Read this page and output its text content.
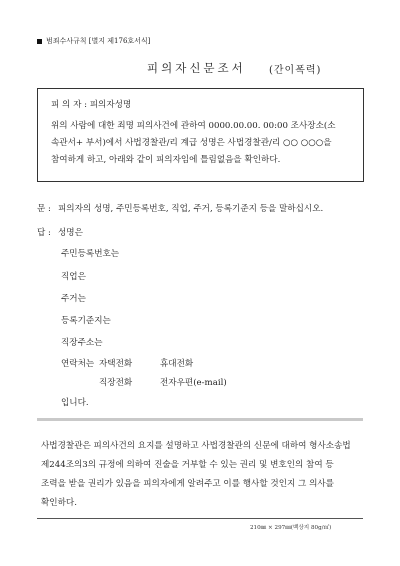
범죄수사규칙 [별지 제176호서식]
피의자신문조서 (간이폭력)
피 의 자 : 피의자성명
위의 사람에 대한 죄명 피의사건에 관하여 0000.00.00. 00:00 조사장소(소
속관서+ 부서)에서 사법경찰관/리 계급 성명은 사법경찰관/리 ○○ ○○○을
참여하게 하고, 아래와 같이 피의자임에 틀림없음을 확인하다.
문 : 피의자의 성명, 주민등록번호, 직업, 주거, 등록기준지 등을 말하십시오.
답 : 성명은
주민등록번호는
직업은
주거는
등록기준지는
직장주소는
연락처는 자택전화	휴대전화
직장전화	전자우편(e-mail)
입니다.
사법경찰관은 피의사건의 요지를 설명하고 사법경찰관의 신문에 대하여 형사소송법
제244조의3의 규정에 의하여 진술을 거부할 수 있는 권리 및 변호인의 참여 등
조력을 받을 권리가 있음을 피의자에게 알려주고 이를 행사할 것인지 그 의사를
확인하다.
210㎜ × 297㎜(백상지 80g/㎡)
